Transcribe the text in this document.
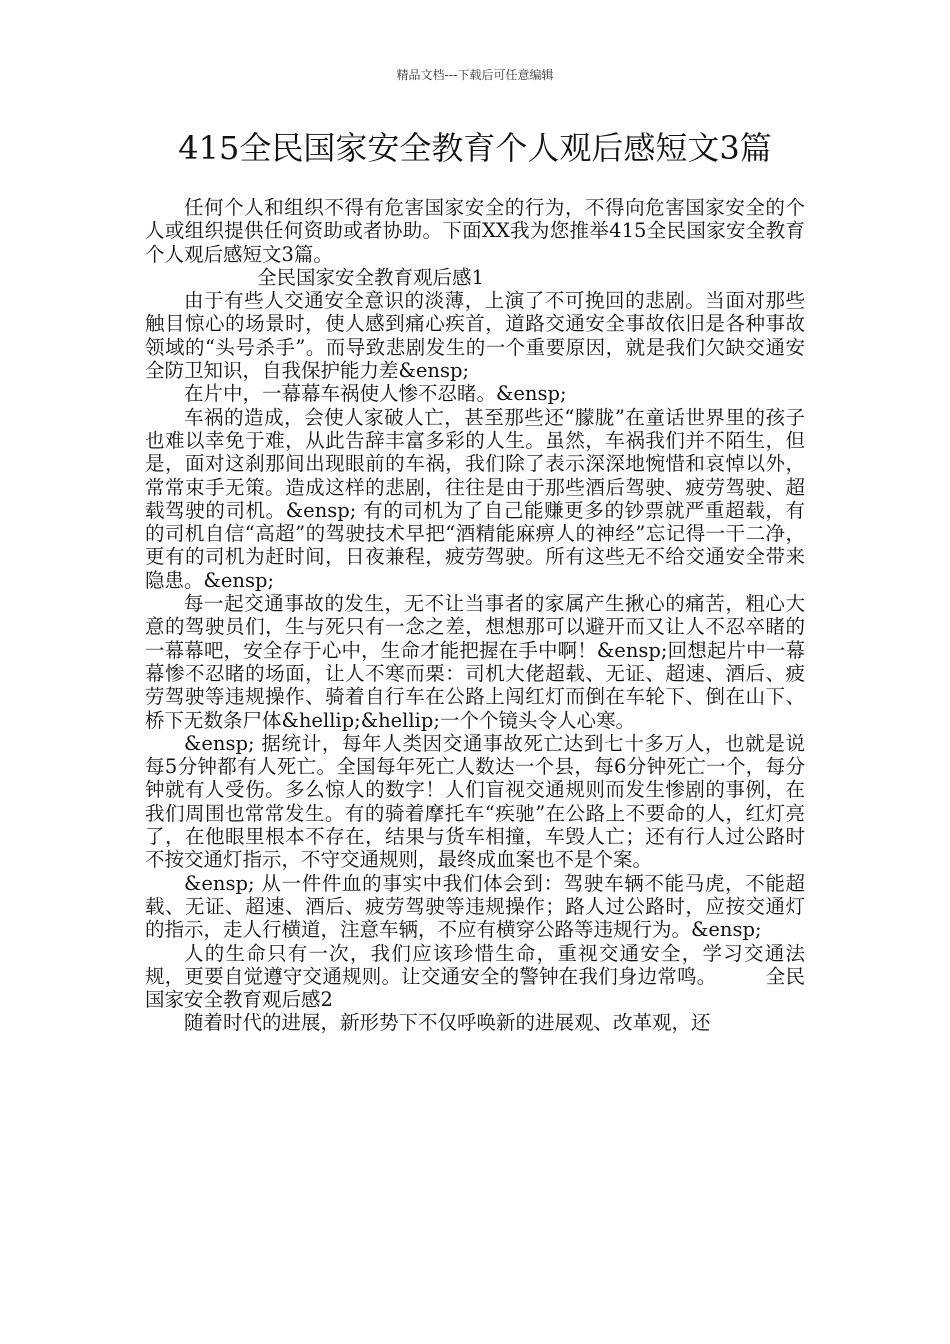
精品文档---下载后可任意编辑
415全民国家安全教育个人观后感短文3篇

任何个人和组织不得有危害国家安全的行为，不得向危害国家安全的个人或组织提供任何资助或者协助。下面XX我为您推举415全民国家安全教育个人观后感短文3篇。

全民国家安全教育观后感1

由于有些人交通安全意识的淡薄，上演了不可挽回的悲剧。当面对那些触目惊心的场景时，使人感到痛心疾首，道路交通安全事故依旧是各种事故领域的“头号杀手”。而导致悲剧发生的一个重要原因，就是我们欠缺交通安全防卫知识，自我保护能力差&ensp;

在片中，一幕幕车祸使人惨不忍睹。&ensp;

车祸的造成，会使人家破人亡，甚至那些还“朦胧”在童话世界里的孩子也难以幸免于难，从此告辞丰富多彩的人生。虽然，车祸我们并不陌生，但是，面对这刹那间出现眼前的车祸，我们除了表示深深地惋惜和哀悼以外，常常束手无策。造成这样的悲剧，往往是由于那些酒后驾驶、疲劳驾驶、超载驾驶的司机。&ensp; 有的司机为了自己能赚更多的钞票就严重超载，有的司机自信“高超”的驾驶技术早把“酒精能麻痹人的神经”忘记得一干二净，更有的司机为赶时间，日夜兼程，疲劳驾驶。所有这些无不给交通安全带来隐患。&ensp;

每一起交通事故的发生，无不让当事者的家属产生揪心的痛苦，粗心大意的驾驶员们，生与死只有一念之差，想想那可以避开而又让人不忍卒睹的一幕幕吧，安全存于心中，生命才能把握在手中啊！&ensp;回想起片中一幕幕惨不忍睹的场面，让人不寒而栗：司机大佬超载、无证、超速、酒后、疲劳驾驶等违规操作、骑着自行车在公路上闯红灯而倒在车轮下、倒在山下、桥下无数条尸体&hellip;&hellip;一个个镜头令人心寒。

&ensp; 据统计，每年人类因交通事故死亡达到七十多万人，也就是说每5分钟都有人死亡。全国每年死亡人数达一个县，每6分钟死亡一个，每分钟就有人受伤。多么惊人的数字！人们盲视交通规则而发生惨剧的事例，在我们周围也常常发生。有的骑着摩托车“疾驰”在公路上不要命的人，红灯亮了，在他眼里根本不存在，结果与货车相撞，车毁人亡；还有行人过公路时不按交通灯指示，不守交通规则，最终成血案也不是个案。

&ensp; 从一件件血的事实中我们体会到：驾驶车辆不能马虎，不能超载、无证、超速、酒后、疲劳驾驶等违规操作；路人过公路时，应按交通灯的指示，走人行横道，注意车辆，不应有横穿公路等违规行为。&ensp;

人的生命只有一次，我们应该珍惜生命，重视交通安全，学习交通法规，更要自觉遵守交通规则。让交通安全的警钟在我们身边常鸣。　　　全民国家安全教育观后感2

随着时代的进展，新形势下不仅呼唤新的进展观、改革观，还
